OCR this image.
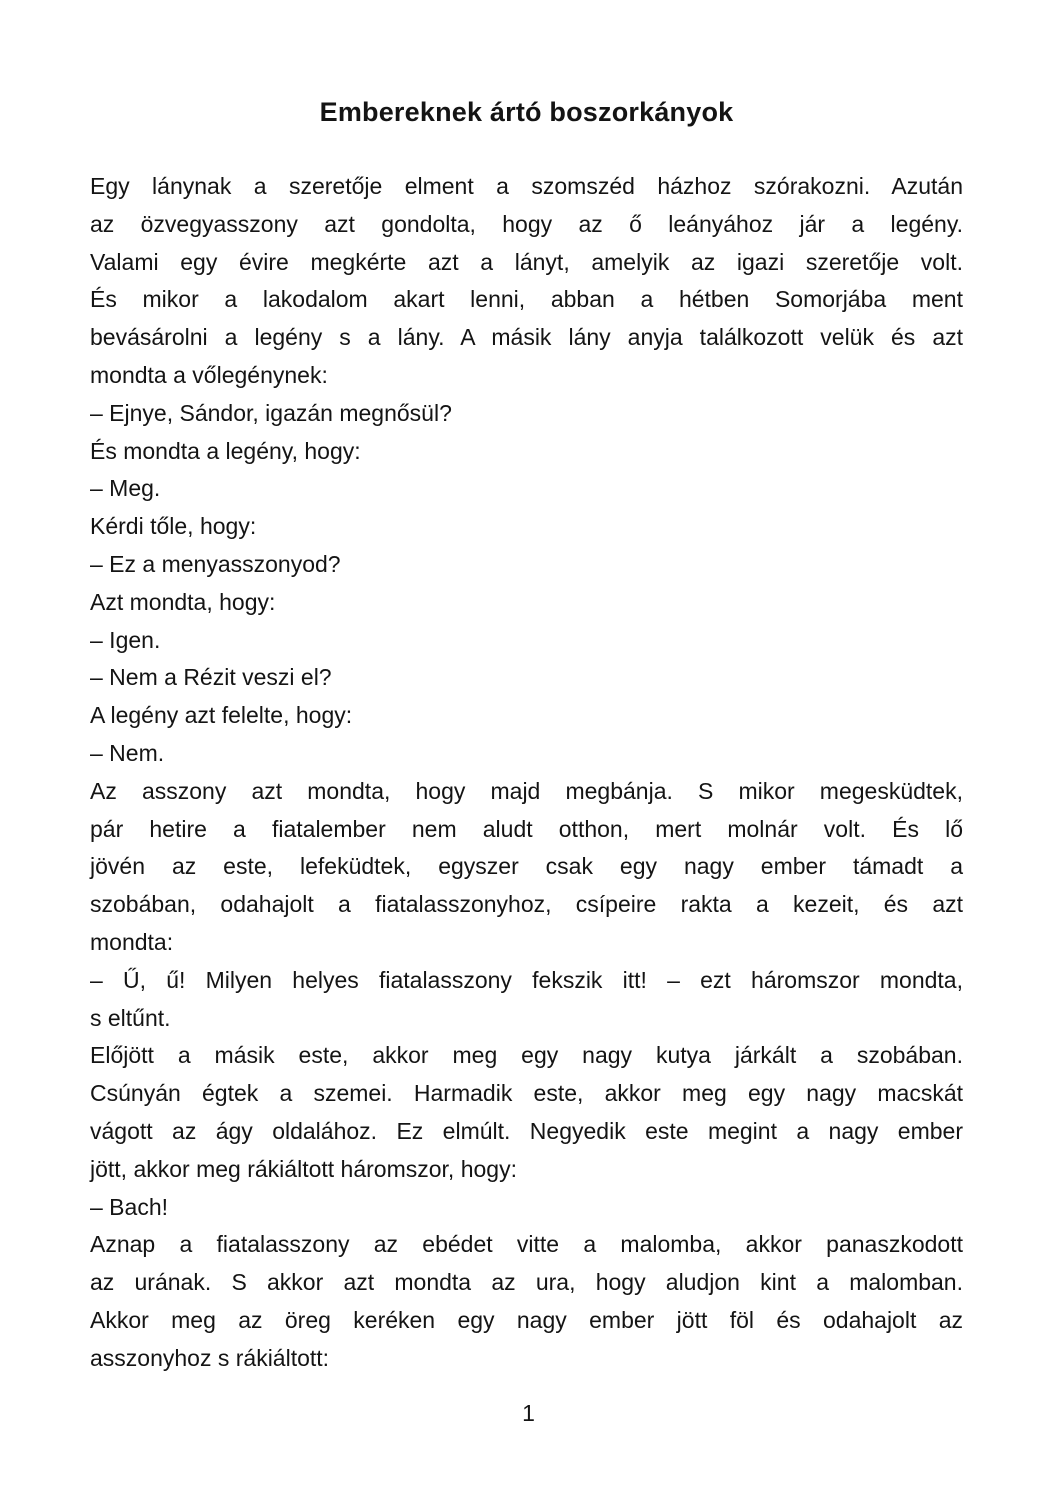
Embereknek ártó boszorkányok
Egy lánynak a szeretője elment a szomszéd házhoz szórakozni. Azután
az özvegyasszony azt gondolta, hogy az ő leányához jár a legény.
Valami egy évire megkérte azt a lányt, amelyik az igazi szeretője volt.
És mikor a lakodalom akart lenni, abban a hétben Somorjába ment
bevásárolni a legény s a lány. A másik lány anyja találkozott velük és azt
mondta a vőlegénynek:
– Ejnye, Sándor, igazán megnősül?
És mondta a legény, hogy:
– Meg.
Kérdi tőle, hogy:
– Ez a menyasszonyod?
Azt mondta, hogy:
– Igen.
– Nem a Rézit veszi el?
A legény azt felelte, hogy:
– Nem.
Az asszony azt mondta, hogy majd megbánja. S mikor megesküdtek,
pár hetire a fiatalember nem aludt otthon, mert molnár volt. És lő
jövén az este, lefeküdtek, egyszer csak egy nagy ember támadt a
szobában, odahajolt a fiatalasszonyhoz, csípeire rakta a kezeit, és azt
mondta:
– Ű, ű! Milyen helyes fiatalasszony fekszik itt! – ezt háromszor mondta,
s eltűnt.
Előjött a másik este, akkor meg egy nagy kutya járkált a szobában.
Csúnyán égtek a szemei. Harmadik este, akkor meg egy nagy macskát
vágott az ágy oldalához. Ez elmúlt. Negyedik este megint a nagy ember
jött, akkor meg rákiáltott háromszor, hogy:
– Bach!
Aznap a fiatalasszony az ebédet vitte a malomba, akkor panaszkodott
az urának. S akkor azt mondta az ura, hogy aludjon kint a malomban.
Akkor meg az öreg keréken egy nagy ember jött föl és odahajolt az
asszonyhoz s rákiáltott:
1
